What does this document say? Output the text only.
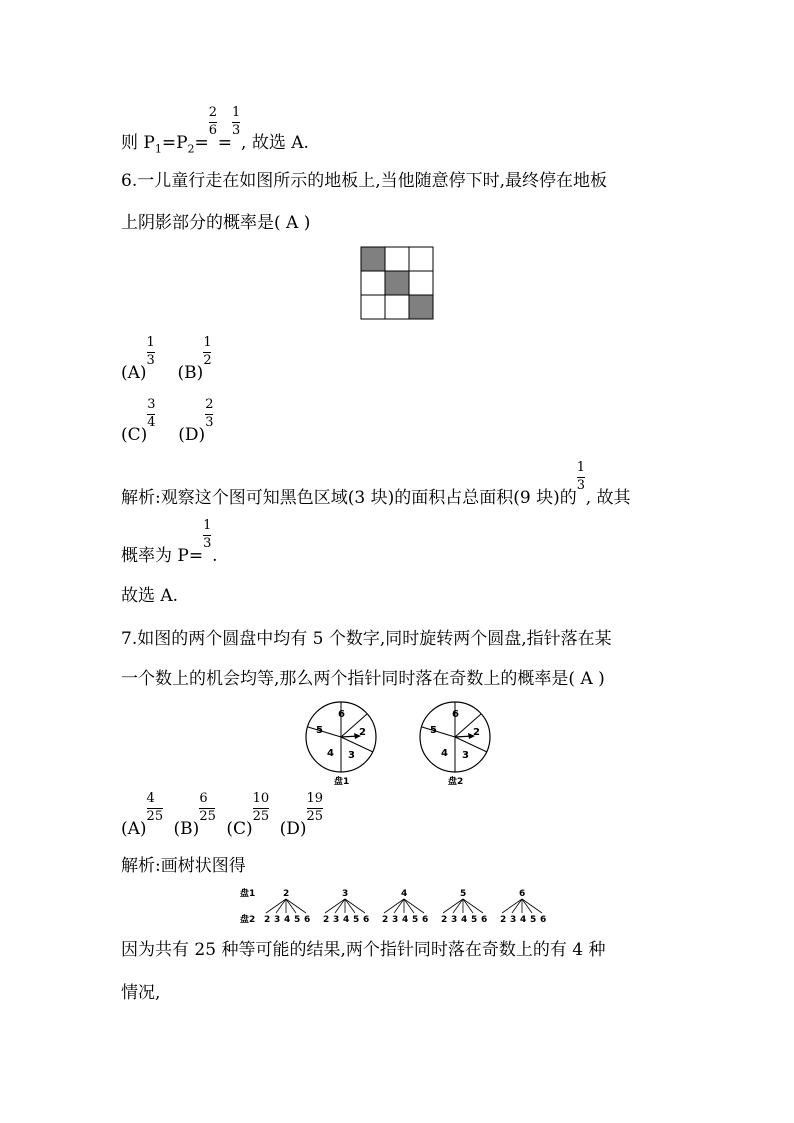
则 $P_1=P_2= \frac{2}{6} = \frac{1}{3}$ , 故选 A.
6.一儿童行走在如图所示的地板上,当他随意停下时,最终停在地板
上阴影部分的概率是( A )
$(A) \frac{1}{3} (B) \frac{1}{2}$
$(C) \frac{3}{4} (D) \frac{2}{3}$
解析:观察这个图可知黑色区域(3 块)的面积占总面积(9 块)的 $\frac{1}{3}$ , 故其
概率为 $P= \frac{1}{3}$ .
故选 A.
7.如图的两个圆盘中均有 5 个数字,同时旋转两个圆盘,指针落在某
一个数上的机会均等,那么两个指针同时落在奇数上的概率是( A )
6
2
3
4
5
盘1
6
2
3
4
5
盘2
$(A) \frac{4}{25} (B) \frac{6}{25} (C) \frac{10}{25} (D) \frac{19}{25}$
解析:画树状图得
盘1
盘2
2
2 3 4 5 6
3
2 3 4 5 6
4
2 3 4 5 6
5
2 3 4 5 6
6
2 3 4 5 6
因为共有 25 种等可能的结果,两个指针同时落在奇数上的有 4 种
情况,
